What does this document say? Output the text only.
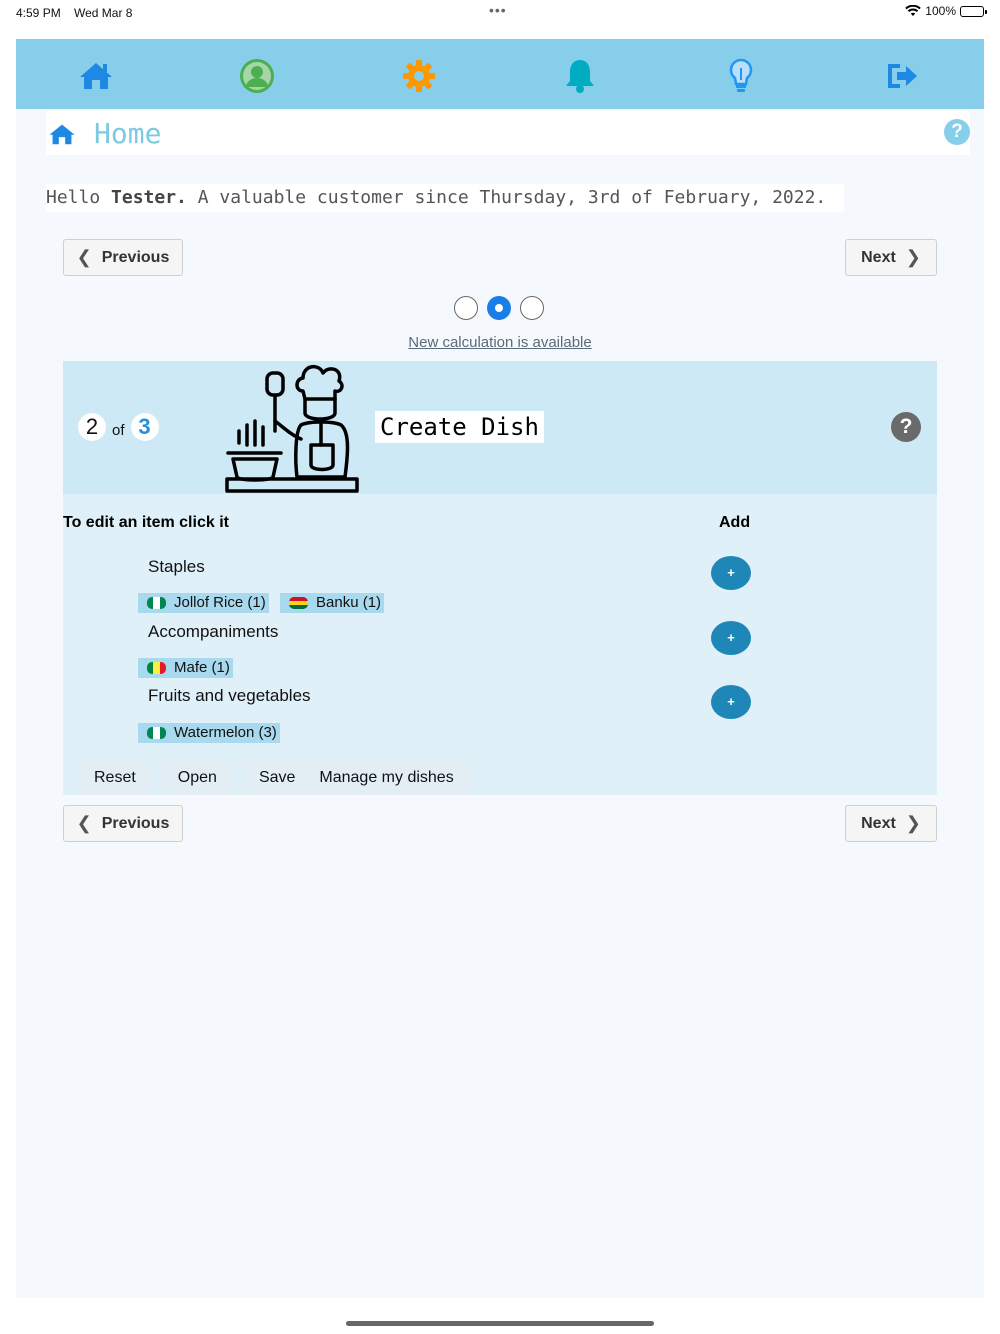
4:59 PM Wed Mar 8	•••	100%
Home	?
Hello Tester. A valuable customer since Thursday, 3rd of February, 2022.
❮ Previous	Next ❯
New calculation is available
2 of 3	Create Dish	?
To edit an item click it	Add
Staples	+
Jollof Rice (1)	Banku (1)
Accompaniments	+
Mafe (1)
Fruits and vegetables	+
Watermelon (3)
Reset	Open	Save	Manage my dishes
❮ Previous	Next ❯
